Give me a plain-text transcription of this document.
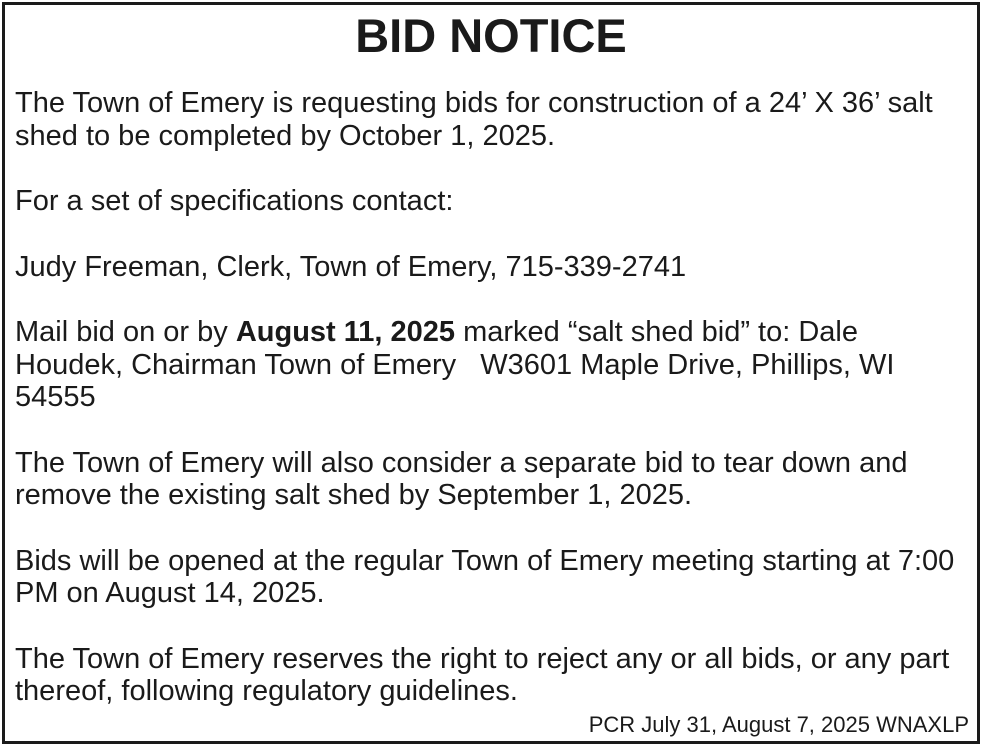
BID NOTICE

The Town of Emery is requesting bids for construction of a 24’ X 36’ salt shed to be completed by October 1, 2025.

For a set of specifications contact:

Judy Freeman, Clerk, Town of Emery, 715-339-2741

Mail bid on or by August 11, 2025 marked “salt shed bid” to: Dale Houdek, Chairman Town of Emery   W3601 Maple Drive, Phillips, WI 54555

The Town of Emery will also consider a separate bid to tear down and remove the existing salt shed by September 1, 2025.

Bids will be opened at the regular Town of Emery meeting starting at 7:00 PM on August 14, 2025.

The Town of Emery reserves the right to reject any or all bids, or any part thereof, following regulatory guidelines.

PCR July 31, August 7, 2025 WNAXLP
